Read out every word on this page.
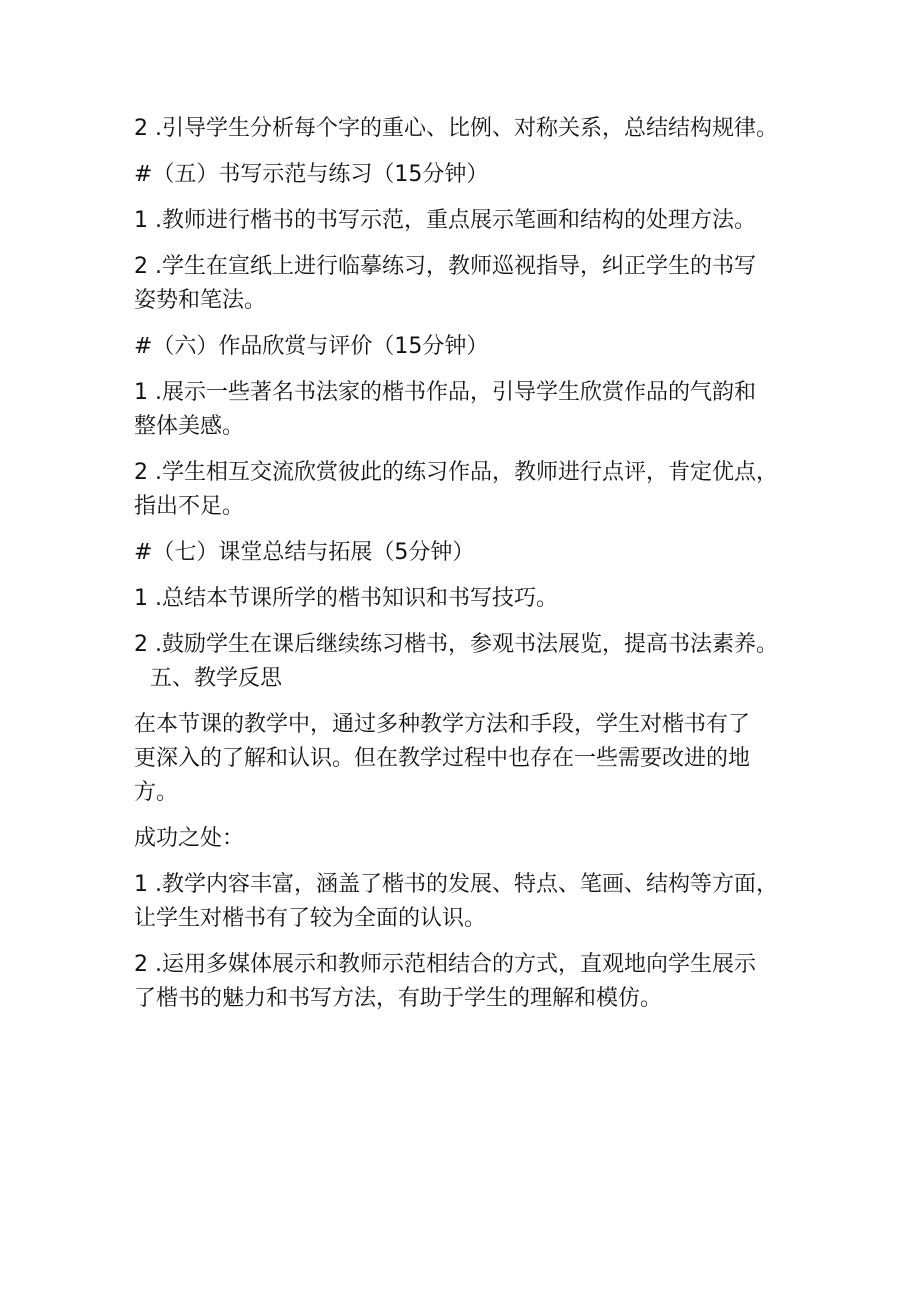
2 .引导学生分析每个字的重心、比例、对称关系，总结结构规律。
#（五）书写示范与练习（15分钟）
1 .教师进行楷书的书写示范，重点展示笔画和结构的处理方法。
2 .学生在宣纸上进行临摹练习，教师巡视指导，纠正学生的书写
姿势和笔法。
#（六）作品欣赏与评价（15分钟）
1 .展示一些著名书法家的楷书作品，引导学生欣赏作品的气韵和
整体美感。
2 .学生相互交流欣赏彼此的练习作品，教师进行点评，肯定优点，
指出不足。
#（七）课堂总结与拓展（5分钟）
1 .总结本节课所学的楷书知识和书写技巧。
2 .鼓励学生在课后继续练习楷书，参观书法展览，提高书法素养。
五、教学反思
在本节课的教学中，通过多种教学方法和手段，学生对楷书有了
更深入的了解和认识。但在教学过程中也存在一些需要改进的地
方。
成功之处：
1 .教学内容丰富，涵盖了楷书的发展、特点、笔画、结构等方面，
让学生对楷书有了较为全面的认识。
2 .运用多媒体展示和教师示范相结合的方式，直观地向学生展示
了楷书的魅力和书写方法，有助于学生的理解和模仿。
